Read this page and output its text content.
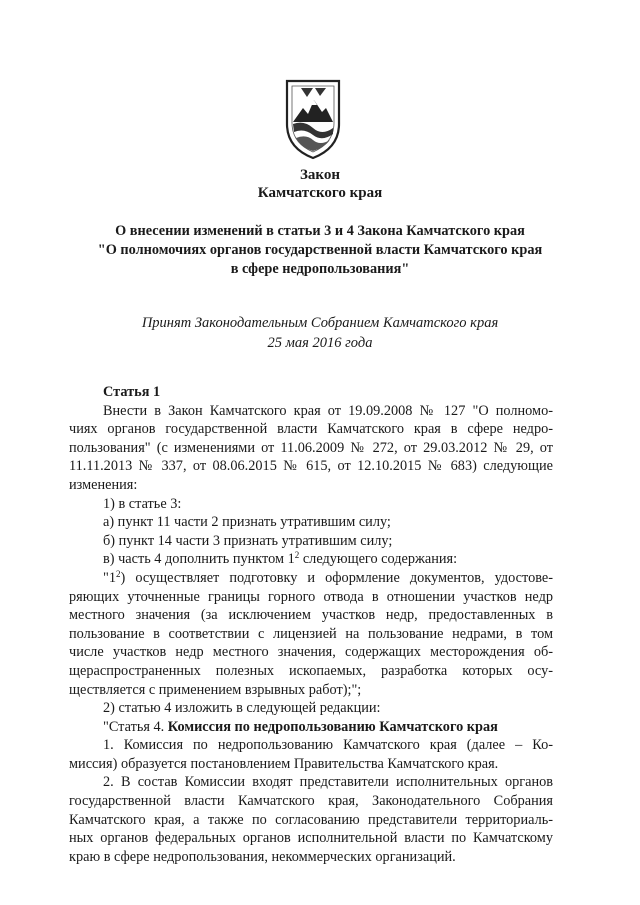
Закон
Камчатского края
О внесении изменений в статьи 3 и 4 Закона Камчатского края
"О полномочиях органов государственной власти Камчатского края
в сфере недропользования"
Принят Законодательным Собранием Камчатского края
25 мая 2016 года

Статья 1

Внести в Закон Камчатского края от 19.09.2008 № 127 "О полномо-

чиях органов государственной власти Камчатского края в сфере недро-

пользования" (с изменениями от 11.06.2009 № 272, от 29.03.2012 № 29, от

11.11.2013 № 337, от 08.06.2015 № 615, от 12.10.2015 № 683) следующие

изменения:

1) в статье 3:

а) пункт 11 части 2 признать утратившим силу;

б) пункт 14 части 3 признать утратившим силу;

в) часть 4 дополнить пунктом $1^2$ следующего содержания:

"$1^2$) осуществляет подготовку и оформление документов, удостове-

ряющих уточненные границы горного отвода в отношении участков недр

местного значения (за исключением участков недр, предоставленных в

пользование в соответствии с лицензией на пользование недрами, в том

числе участков недр местного значения, содержащих месторождения об-

щераспространенных полезных ископаемых, разработка которых осу-

ществляется с применением взрывных работ);";

2) статью 4 изложить в следующей редакции:

"Статья 4. Комиссия по недропользованию Камчатского края

1. Комиссия по недропользованию Камчатского края (далее – Ко-

миссия) образуется постановлением Правительства Камчатского края.

2. В состав Комиссии входят представители исполнительных органов

государственной власти Камчатского края, Законодательного Собрания

Камчатского края, а также по согласованию представители территориаль-

ных органов федеральных органов исполнительной власти по Камчатскому

краю в сфере недропользования, некоммерческих организаций.
